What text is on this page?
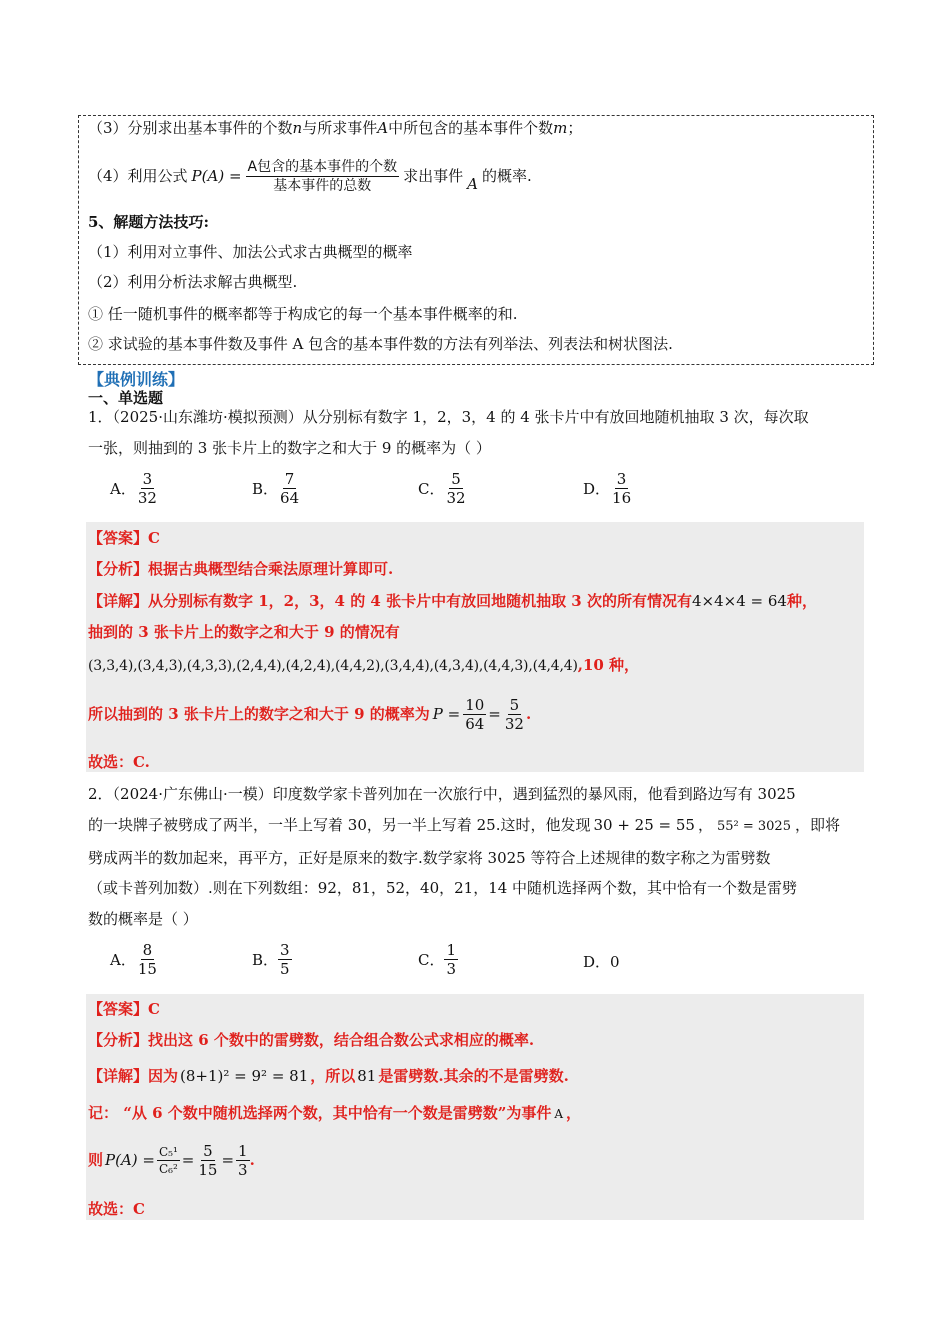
（3）分别求出基本事件的个数n与所求事件A中所包含的基本事件个数m；
（4）利用公式 $P(A) = \frac{\text{A包含的基本事件的个数}}{\text{基本事件的总数}}$ 求出事件 A 的概率.
5、解题方法技巧:
（1）利用对立事件、加法公式求古典概型的概率
（2）利用分析法求解古典概型.
① 任一随机事件的概率都等于构成它的每一个基本事件概率的和.
② 求试验的基本事件数及事件 A 包含的基本事件数的方法有列举法、列表法和树状图法.
【典例训练】
一、单选题
1．（2025·山东潍坊·模拟预测）从分别标有数字 1，2，3，4 的 4 张卡片中有放回地随机抽取 3 次，每次取
一张，则抽到的 3 张卡片上的数字之和大于 9 的概率为（ ）
A． $\frac{3}{32}$	B． $\frac{7}{64}$	C． $\frac{5}{32}$	D． $\frac{3}{16}$
【答案】C
【分析】根据古典概型结合乘法原理计算即可.
【详解】从分别标有数字 1，2，3，4 的 4 张卡片中有放回地随机抽取 3 次的所有情况有4×4×4 = 64种，
抽到的 3 张卡片上的数字之和大于 9 的情况有
(3,3,4),(3,4,3),(4,3,3),(2,4,4),(4,2,4),(4,4,2),(3,4,4),(4,3,4),(4,4,3),(4,4,4),10 种，
所以抽到的 3 张卡片上的数字之和大于 9 的概率为 $P = \frac{10}{64} = \frac{5}{32}$ .
故选：C.
2．（2024·广东佛山·一模）印度数学家卡普列加在一次旅行中，遇到猛烈的暴风雨，他看到路边写有 3025
的一块牌子被劈成了两半，一半上写着 30，另一半上写着 25.这时，他发现 30 + 25 = 55 ， 55² = 3025 ，即将
劈成两半的数加起来，再平方，正好是原来的数字.数学家将 3025 等符合上述规律的数字称之为雷劈数
（或卡普列加数）.则在下列数组：92，81，52，40，21，14 中随机选择两个数，其中恰有一个数是雷劈
数的概率是（ ）
A． $\frac{8}{15}$	B． $\frac{3}{5}$	C． $\frac{1}{3}$	D．0
【答案】C
【分析】找出这 6 个数中的雷劈数，结合组合数公式求相应的概率.
【详解】因为 (8+1)² = 9² = 81 ，所以 81 是雷劈数.其余的不是雷劈数.
记： “从 6 个数中随机选择两个数，其中恰有一个数是雷劈数”为事件 A ，
则 $P(A) = \frac{\text{C₅¹}}{\text{C₆²}} = \frac{5}{15} = \frac{1}{3}$ .
故选：C
